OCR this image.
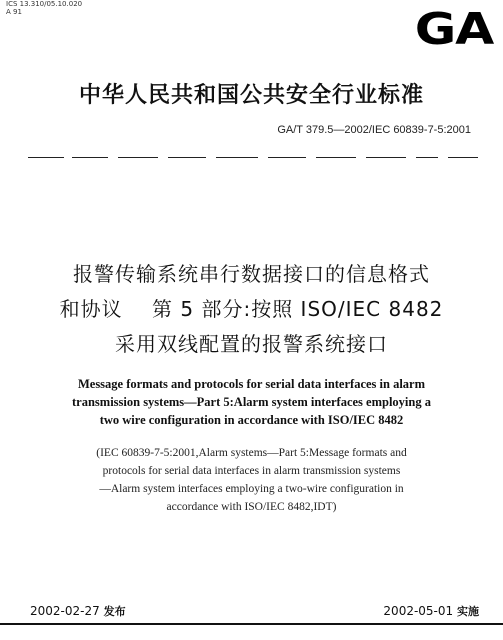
ICS 13.310/05.10.020
A 91	GA
中华人民共和国公共安全行业标准
GA/T 379.5—2002/IEC 60839-7-5:2001
报警传输系统串行数据接口的信息格式
和协议    第 5 部分:按照 ISO/IEC 8482
采用双线配置的报警系统接口
Message formats and protocols for serial data interfaces in alarm
transmission systems—Part 5:Alarm system interfaces employing a
two wire configuration in accordance with ISO/IEC 8482
(IEC 60839-7-5:2001,Alarm systems—Part 5:Message formats and
protocols for serial data interfaces in alarm transmission systems
—Alarm system interfaces employing a two-wire configuration in
accordance with ISO/IEC 8482,IDT)
2002-02-27 发布	2002-05-01 实施
